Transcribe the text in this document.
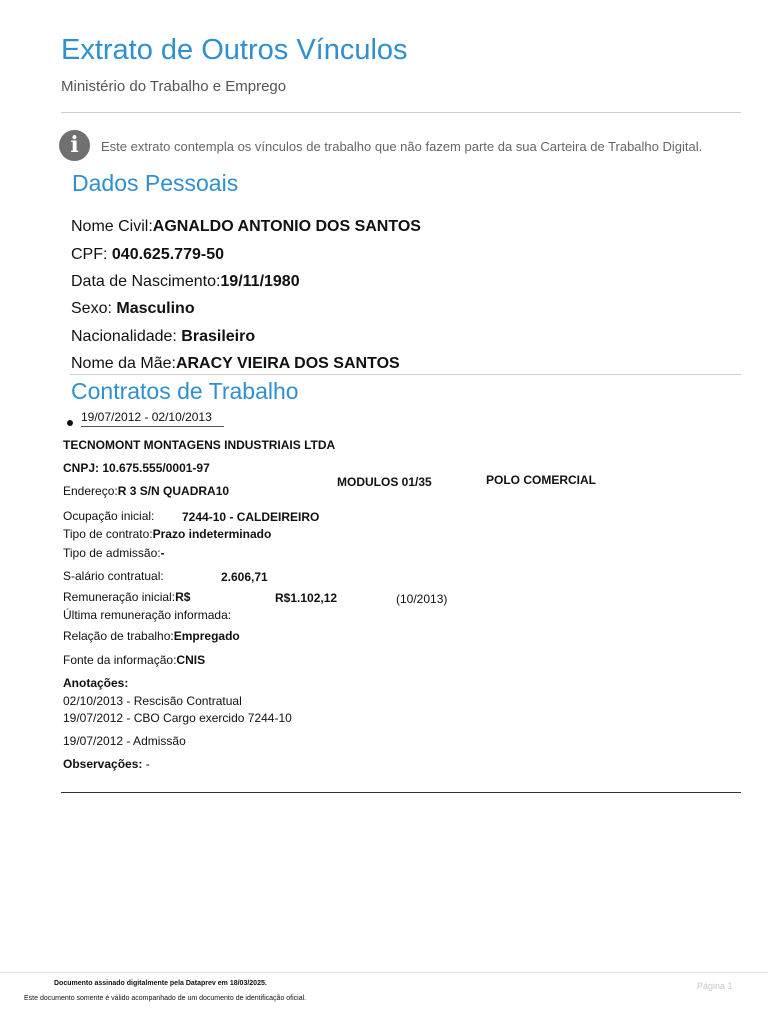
Extrato de Outros Vínculos
Ministério do Trabalho e Emprego
i	Este extrato contempla os vínculos de trabalho que não fazem parte da sua Carteira de Trabalho Digital.
Dados Pessoais
Nome Civil:AGNALDO ANTONIO DOS SANTOS
CPF: 040.625.779-50
Data de Nascimento:19/11/1980
Sexo: Masculino
Nacionalidade: Brasileiro
Nome da Mãe:ARACY VIEIRA DOS SANTOS
Contratos de Trabalho
19/07/2012 - 02/10/2013
TECNOMONT MONTAGENS INDUSTRIAIS LTDA
CNPJ: 10.675.555/0001-97
Endereço:R 3 S/N QUADRA10
MODULOS 01/35	POLO COMERCIAL
Ocupação inicial: 7244-10 - CALDEIREIRO
Tipo de contrato:Prazo indeterminado
Tipo de admissão:-
S-alário contratual:	2.606,71
Remuneração inicial:R$	R$1.102,12	(10/2013)
Última remuneração informada:
Relação de trabalho:Empregado
Fonte da informação:CNIS
Anotações:
02/10/2013 - Rescisão Contratual
19/07/2012 - CBO Cargo exercido 7244-10
19/07/2012 - Admissão
Observações: -
Documento assinado digitalmente pela Dataprev em 18/03/2025.
Este documento somente é válido acompanhado de um documento de identificação oficial.
Página 1
